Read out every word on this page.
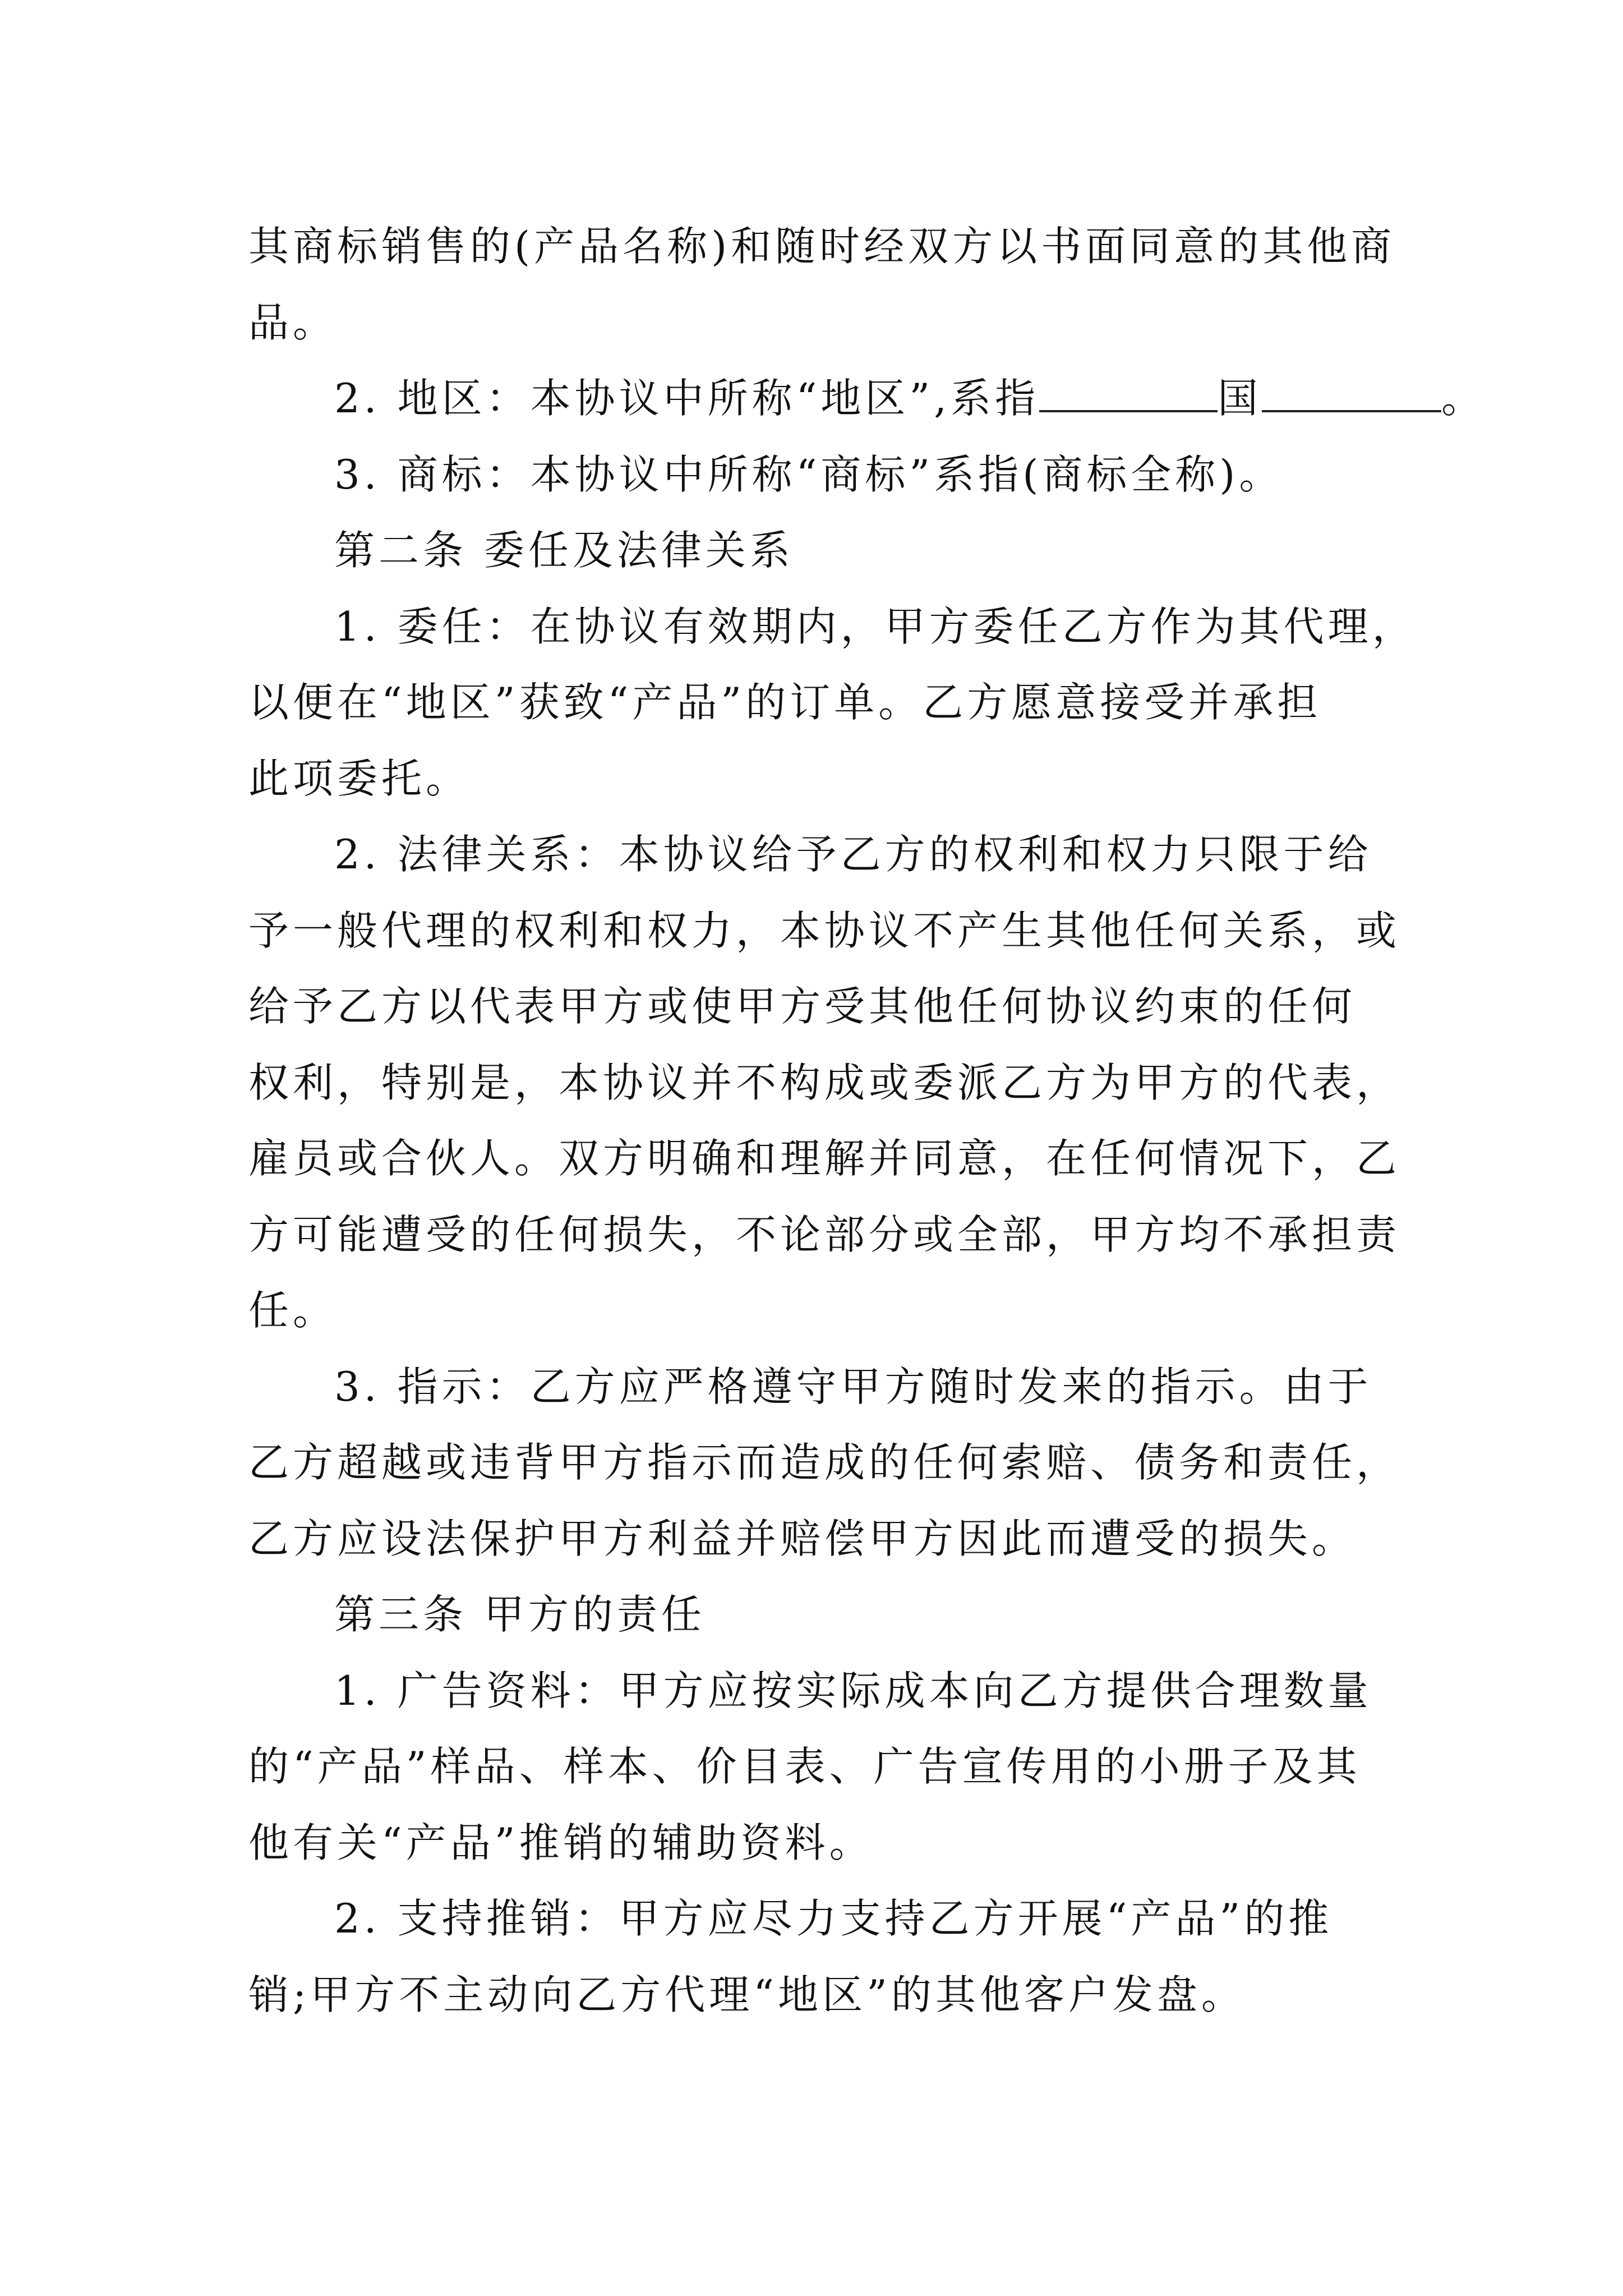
其商标销售的(产品名称)和随时经双方以书面同意的其他商
品。
2. 地区：本协议中所称“地区”,系指	国	。
3. 商标：本协议中所称“商标”系指(商标全称)。
第二条 委任及法律关系
1. 委任：在协议有效期内，甲方委任乙方作为其代理，
以便在“地区”获致“产品”的订单。乙方愿意接受并承担
此项委托。
2. 法律关系：本协议给予乙方的权利和权力只限于给
予一般代理的权利和权力，本协议不产生其他任何关系，或
给予乙方以代表甲方或使甲方受其他任何协议约束的任何
权利，特别是，本协议并不构成或委派乙方为甲方的代表，
雇员或合伙人。双方明确和理解并同意，在任何情况下，乙
方可能遭受的任何损失，不论部分或全部，甲方均不承担责
任。
3. 指示：乙方应严格遵守甲方随时发来的指示。由于
乙方超越或违背甲方指示而造成的任何索赔、债务和责任，
乙方应设法保护甲方利益并赔偿甲方因此而遭受的损失。
第三条 甲方的责任
1. 广告资料：甲方应按实际成本向乙方提供合理数量
的“产品”样品、样本、价目表、广告宣传用的小册子及其
他有关“产品”推销的辅助资料。
2. 支持推销：甲方应尽力支持乙方开展“产品”的推
销;甲方不主动向乙方代理“地区”的其他客户发盘。
